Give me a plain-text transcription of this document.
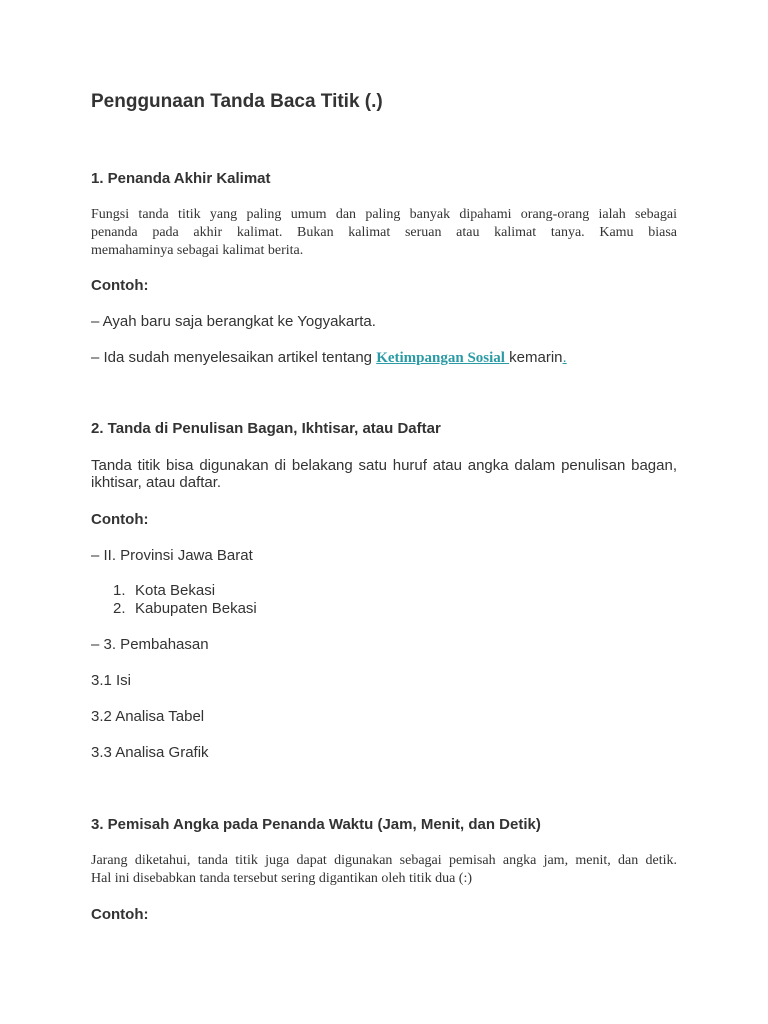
Penggunaan Tanda Baca Titik (.)
1. Penanda Akhir Kalimat
Fungsi tanda titik yang paling umum dan paling banyak dipahami orang-orang ialah sebagai
penanda pada akhir kalimat. Bukan kalimat seruan atau kalimat tanya. Kamu biasa
memahaminya sebagai kalimat berita.
Contoh:
– Ayah baru saja berangkat ke Yogyakarta.
– Ida sudah menyelesaikan artikel tentang Ketimpangan Sosial kemarin.
2. Tanda di Penulisan Bagan, Ikhtisar, atau Daftar
Tanda titik bisa digunakan di belakang satu huruf atau angka dalam penulisan bagan,
ikhtisar, atau daftar.
Contoh:
– II. Provinsi Jawa Barat
1. Kota Bekasi
2. Kabupaten Bekasi
– 3. Pembahasan
3.1 Isi
3.2 Analisa Tabel
3.3 Analisa Grafik
3. Pemisah Angka pada Penanda Waktu (Jam, Menit, dan Detik)
Jarang diketahui, tanda titik juga dapat digunakan sebagai pemisah angka jam, menit, dan detik.
Hal ini disebabkan tanda tersebut sering digantikan oleh titik dua (:)
Contoh:
